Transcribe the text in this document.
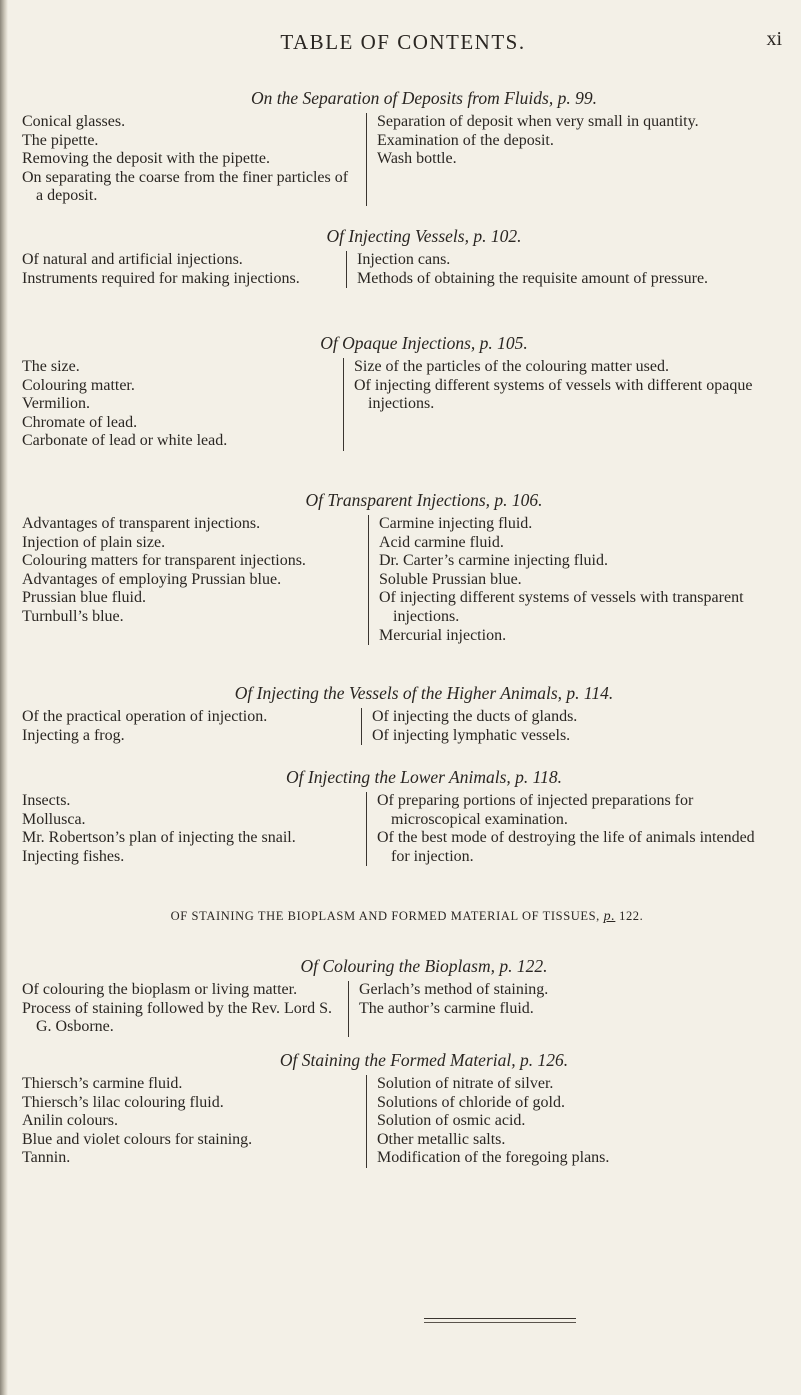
TABLE OF CONTENTS.	xi
On the Separation of Deposits from Fluids, p. 99.
Conical glasses.
The pipette.
Removing the deposit with the pipette.
On separating the coarse from the finer particles of a deposit.
Separation of deposit when very small in quantity.
Examination of the deposit.
Wash bottle.
Of Injecting Vessels, p. 102.
Of natural and artificial injections.
Instruments required for making injections.
Injection cans.
Methods of obtaining the requisite amount of pressure.
Of Opaque Injections, p. 105.
The size.
Colouring matter.
Vermilion.
Chromate of lead.
Carbonate of lead or white lead.
Size of the particles of the colouring matter used.
Of injecting different systems of vessels with different opaque injections.
Of Transparent Injections, p. 106.
Advantages of transparent injections.
Injection of plain size.
Colouring matters for transparent injections.
Advantages of employing Prussian blue.
Prussian blue fluid.
Turnbull’s blue.
Carmine injecting fluid.
Acid carmine fluid.
Dr. Carter’s carmine injecting fluid.
Soluble Prussian blue.
Of injecting different systems of vessels with transparent injections.
Mercurial injection.
Of Injecting the Vessels of the Higher Animals, p. 114.
Of the practical operation of injection.
Injecting a frog.
Of injecting the ducts of glands.
Of injecting lymphatic vessels.
Of Injecting the Lower Animals, p. 118.
Insects.
Mollusca.
Mr. Robertson’s plan of injecting the snail.
Injecting fishes.
Of preparing portions of injected preparations for microscopical examination.
Of the best mode of destroying the life of animals intended for injection.
OF STAINING THE BIOPLASM AND FORMED MATERIAL OF TISSUES, p. 122.
Of Colouring the Bioplasm, p. 122.
Of colouring the bioplasm or living matter.
Process of staining followed by the Rev. Lord S. G. Osborne.
Gerlach’s method of staining.
The author’s carmine fluid.
Of Staining the Formed Material, p. 126.
Thiersch’s carmine fluid.
Thiersch’s lilac colouring fluid.
Anilin colours.
Blue and violet colours for staining.
Tannin.
Solution of nitrate of silver.
Solutions of chloride of gold.
Solution of osmic acid.
Other metallic salts.
Modification of the foregoing plans.
